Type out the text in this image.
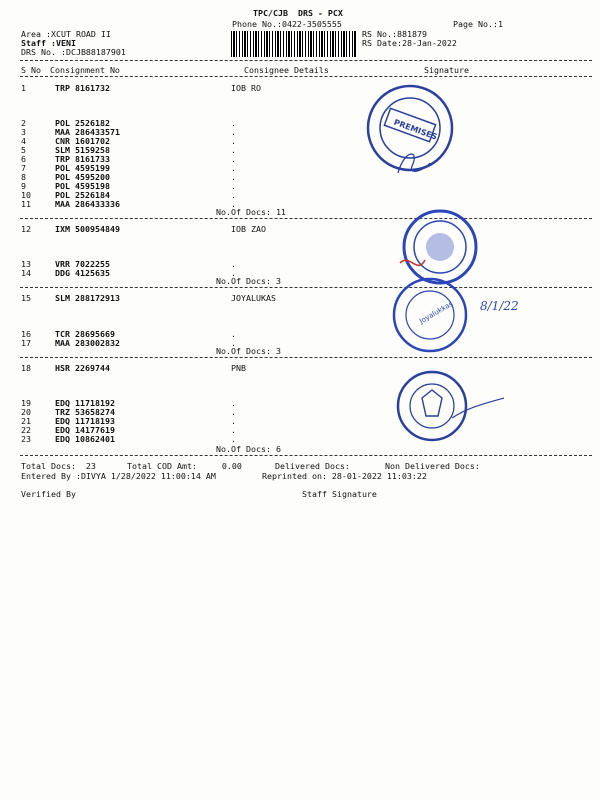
TPC/CJB  DRS - PCX
Phone No.:0422-3505555	Page No.:1
Area :XCUT ROAD II
Staff :VENI
DRS No. :DCJB88187901
RS No.:881879
RS Date:28-Jan-2022
S No Consignment No	Consignee Details	Signature
1	TRP 8161732	IOB RO
2	POL 2526182	.
3	MAA 286433571	.
4	CNR 1601702	.
5	SLM 5159258	.
6	TRP 8161733	.
7	POL 4595199	.
8	POL 4595200	.
9	POL 4595198	.
10	POL 2526184	.
11	MAA 286433336	.
No.Of Docs: 11
12	IXM 500954849	IOB ZAO
13	VRR 7022255	.
14	DDG 4125635	.
No.Of Docs: 3
15	SLM 288172913	JOYALUKAS
16	TCR 28695669	.
17	MAA 283002832	.
No.Of Docs: 3
18	HSR 2269744	PNB
19	EDQ 11718192	.
20	TRZ 53658274	.
21	EDQ 11718193	.
22	EDQ 14177619	.
23	EDQ 10862401	.
No.Of Docs: 6
Total Docs:  23	Total COD Amt:     0.00	Delivered Docs:	Non Delivered Docs:
Entered By :DIVYA 1/28/2022 11:00:14 AM	Reprinted on: 28-01-2022 11:03:22
Verified By	Staff Signature
PREMISES
Joyalukkas 8/1/22
